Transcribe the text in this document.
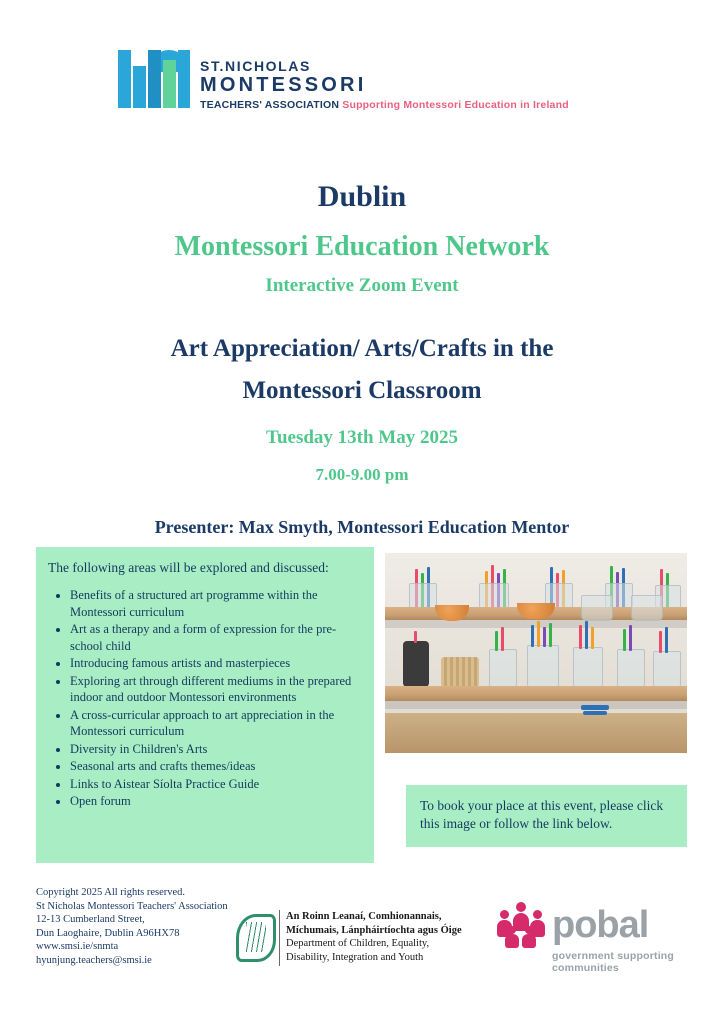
ST.NICHOLAS
MONTESSORI
TEACHERS' ASSOCIATION Supporting Montessori Education in Ireland
Dublin
Montessori Education Network
Interactive Zoom Event
Art Appreciation/ Arts/Crafts in the
Montessori Classroom
Tuesday 13th May 2025
7.00-9.00 pm
Presenter: Max Smyth, Montessori Education Mentor
The following areas will be explored and discussed:
• Benefits of a structured art programme within the Montessori curriculum
• Art as a therapy and a form of expression for the pre-school child
• Introducing famous artists and masterpieces
• Exploring art through different mediums in the prepared indoor and outdoor Montessori environments
• A cross-curricular approach to art appreciation in the Montessori curriculum
• Diversity in Children's Arts
• Seasonal arts and crafts themes/ideas
• Links to Aistear Síolta Practice Guide
• Open forum	To book your place at this event, please click this image or follow the link below.
Copyright 2025 All rights reserved.
St Nicholas Montessori Teachers' Association
12-13 Cumberland Street,
Dun Laoghaire, Dublin A96HX78
www.smsi.ie/snmta
hyunjung.teachers@smsi.ie
An Roinn Leanaí, Comhionannais,
Míchumais, Lánpháirtíochta agus Óige
Department of Children, Equality,
Disability, Integration and Youth
pobal
government supporting communities
